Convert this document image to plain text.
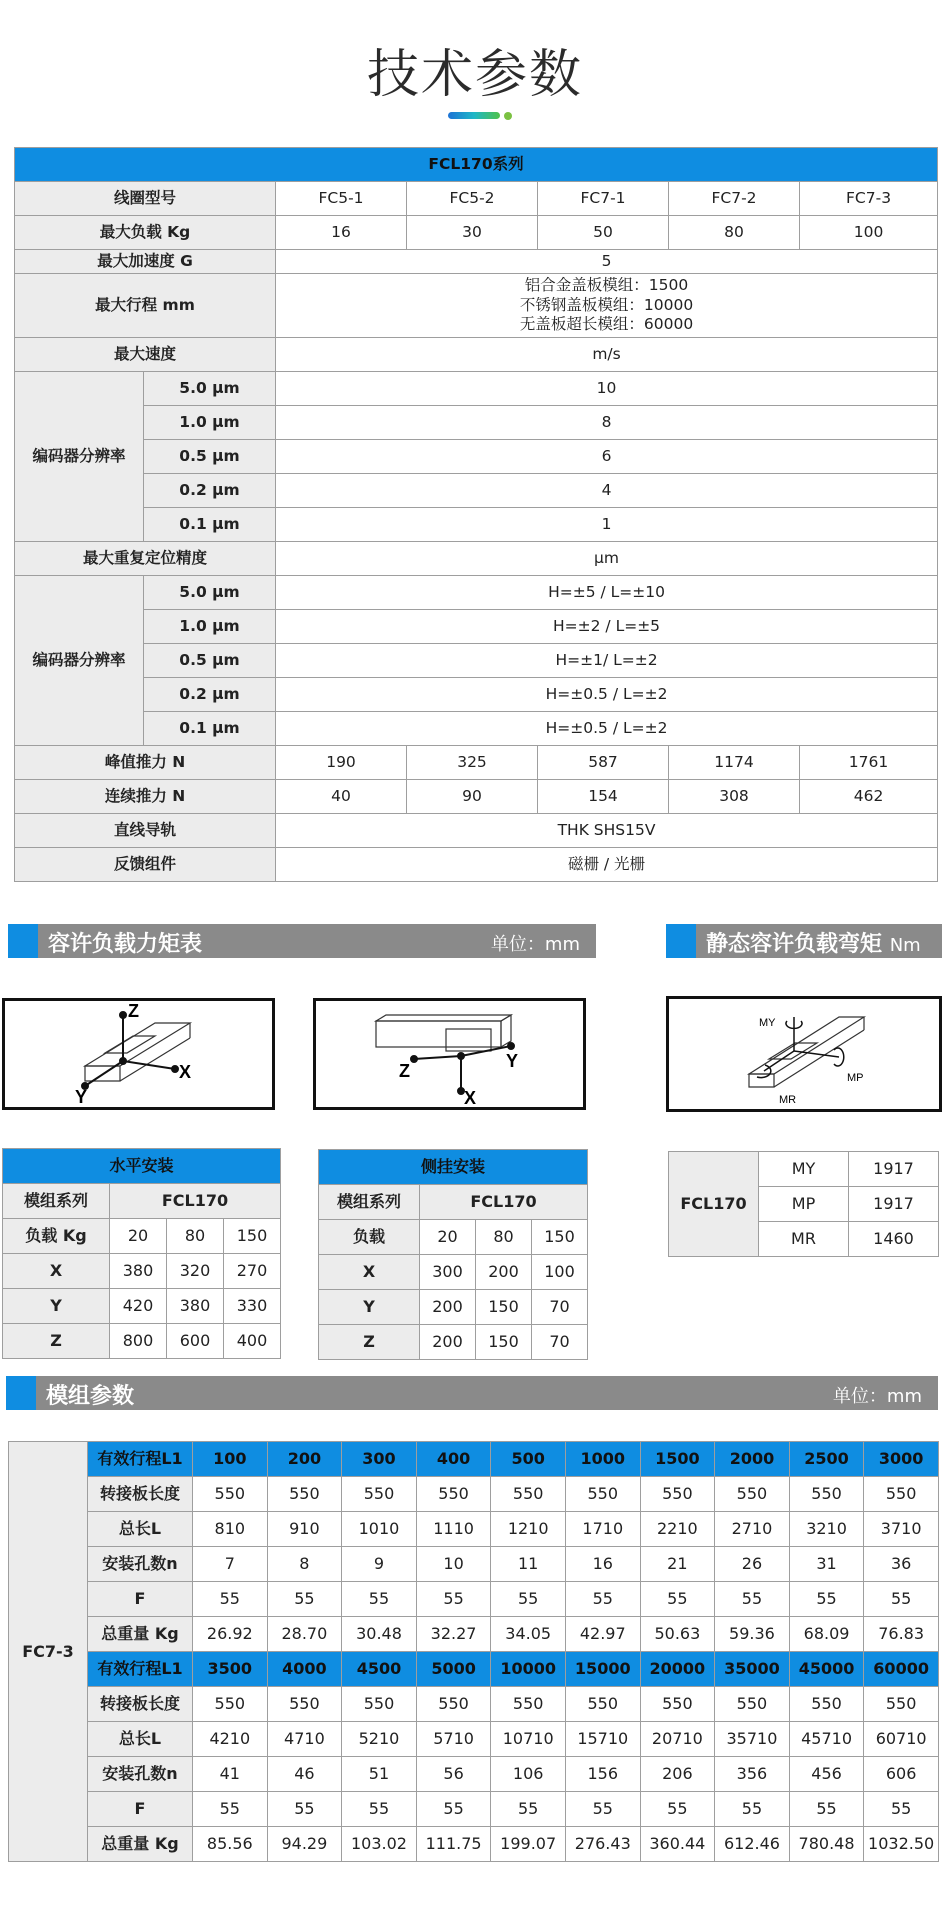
技术参数
FCL170系列						
线圈型号		FC5-1	FC5-2	FC7-1	FC7-2	FC7-3
最大负载 Kg		16	30	50	80	100
最大加速度 G		5				
最大行程 mm		铝合金盖板模组：1500
不锈钢盖板模组：10000
无盖板超长模组：60000				

最大速度		m/s				
编码器分辨率	5.0 μm	10				
	1.0 μm	8				
	0.5 μm	6				
	0.2 μm	4				
	0.1 μm	1				
最大重复定位精度		μm				
编码器分辨率	5.0 μm	H=±5 / L=±10				
	1.0 μm	H=±2 / L=±5				
	0.5 μm	H=±1/ L=±2				
	0.2 μm	H=±0.5 / L=±2				
	0.1 μm	H=±0.5 / L=±2				
峰值推力 N		190	325	587	1174	1761
连续推力 N		40	90	154	308	462
直线导轨		THK SHS15V				
反馈组件		磁栅 / 光栅				
容许负载力矩表	单位：mm	静态容许负载弯矩 Nm
Z
X
Y
Z
X
Y
MY
MP
MR
水平安装			
模组系列	FCL170		
负载 Kg	20	80	150
X	380	320	270
Y	420	380	330
Z	800	600	400
侧挂安装			
模组系列	FCL170		
负载	20	80	150
X	300	200	100
Y	200	150	70
Z	200	150	70
FCL170	MY	1917
	MP	1917
	MR	1460
模组参数	单位：mm
FC7-3	有效行程L1	100	200	300	400	500	1000	1500	2000	2500	3000
	转接板长度	550	550	550	550	550	550	550	550	550	550
	总长L	810	910	1010	1110	1210	1710	2210	2710	3210	3710
	安装孔数n	7	8	9	10	11	16	21	26	31	36
	F	55	55	55	55	55	55	55	55	55	55
	总重量 Kg	26.92	28.70	30.48	32.27	34.05	42.97	50.63	59.36	68.09	76.83
	有效行程L1	3500	4000	4500	5000	10000	15000	20000	35000	45000	60000
	转接板长度	550	550	550	550	550	550	550	550	550	550
	总长L	4210	4710	5210	5710	10710	15710	20710	35710	45710	60710
	安装孔数n	41	46	51	56	106	156	206	356	456	606
	F	55	55	55	55	55	55	55	55	55	55
	总重量 Kg	85.56	94.29	103.02	111.75	199.07	276.43	360.44	612.46	780.48	1032.50
